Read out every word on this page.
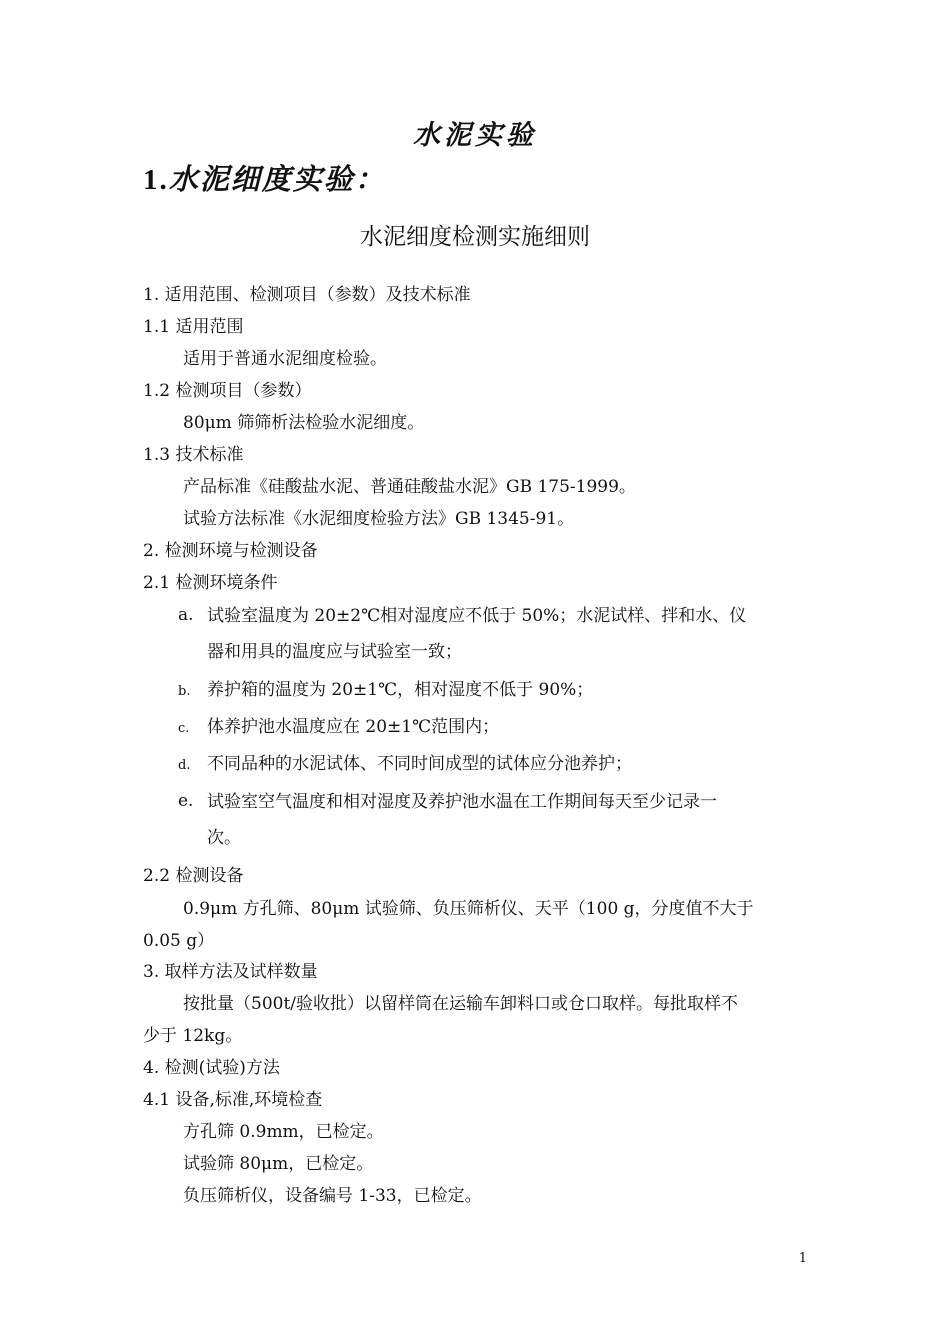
水泥实验
1.水泥细度实验：
水泥细度检测实施细则
1. 适用范围、检测项目（参数）及技术标准
1.1 适用范围
适用于普通水泥细度检验。
1.2 检测项目（参数）
80μm 筛筛析法检验水泥细度。
1.3 技术标准
产品标准《硅酸盐水泥、普通硅酸盐水泥》GB 175-1999。
试验方法标准《水泥细度检验方法》GB 1345-91。
2. 检测环境与检测设备
2.1 检测环境条件
a. 试验室温度为 20±2℃相对湿度应不低于 50%；水泥试样、拌和水、仪
器和用具的温度应与试验室一致；
b. 养护箱的温度为 20±1℃，相对湿度不低于 90%；
c. 体养护池水温度应在 20±1℃范围内；
d. 不同品种的水泥试体、不同时间成型的试体应分池养护；
e. 试验室空气温度和相对湿度及养护池水温在工作期间每天至少记录一
次。
2.2 检测设备
0.9μm 方孔筛、80μm 试验筛、负压筛析仪、天平（100 g，分度值不大于
0.05 g）
3. 取样方法及试样数量
按批量（500t/验收批）以留样筒在运输车卸料口或仓口取样。每批取样不
少于 12kg。
4. 检测(试验)方法
4.1 设备,标准,环境检查
方孔筛 0.9mm，已检定。
试验筛 80μm，已检定。
负压筛析仪，设备编号 1-33，已检定。
1
